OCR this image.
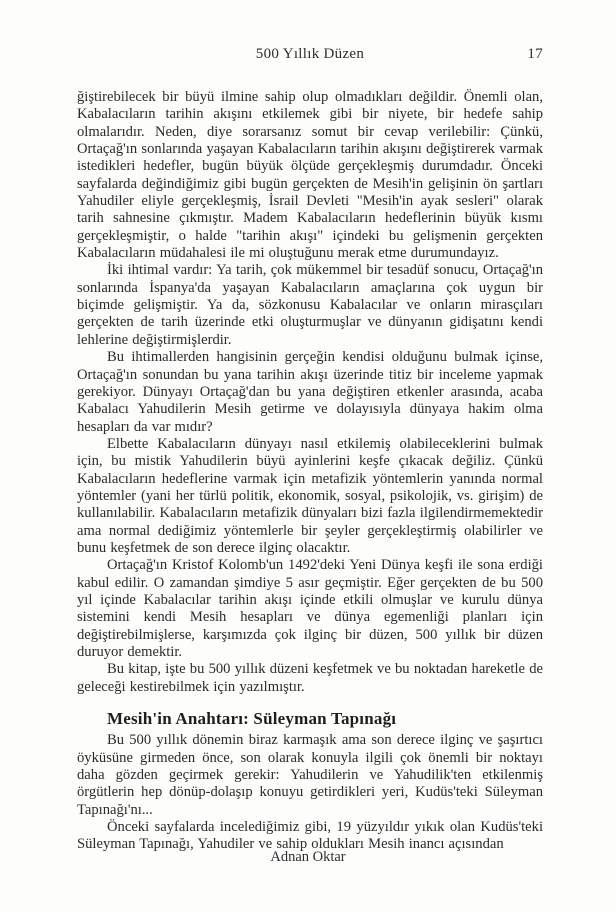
500 Yıllık Düzen	17

ğiştirebilecek bir büyü ilmine sahip olup olmadıkları değildir. Önemli olan, Kabalacıların tarihin akışını etkilemek gibi bir niyete, bir hedefe sahip olmalarıdır. Neden, diye sorarsanız somut bir cevap verilebilir: Çünkü, Ortaçağ'ın sonlarında yaşayan Kabalacıların tarihin akışını değiştirerek varmak istedikleri hedefler, bugün büyük ölçüde gerçekleşmiş durumdadır. Önceki sayfalarda değindiğimiz gibi bugün gerçekten de Mesih'in gelişinin ön şartları Yahudiler eliyle gerçekleşmiş, İsrail Devleti "Mesih'in ayak sesleri" olarak tarih sahnesine çıkmıştır. Madem Kabalacıların hedeflerinin büyük kısmı gerçekleşmiştir, o halde "tarihin akışı" içindeki bu gelişmenin gerçekten Kabalacıların müdahalesi ile mi oluştuğunu merak etme durumundayız.

İki ihtimal vardır: Ya tarih, çok mükemmel bir tesadüf sonucu, Ortaçağ'ın sonlarında İspanya'da yaşayan Kabalacıların amaçlarına çok uygun bir biçimde gelişmiştir. Ya da, sözkonusu Kabalacılar ve onların mirasçıları gerçekten de tarih üzerinde etki oluşturmuşlar ve dünyanın gidişatını kendi lehlerine değiştirmişlerdir.

Bu ihtimallerden hangisinin gerçeğin kendisi olduğunu bulmak içinse, Ortaçağ'ın sonundan bu yana tarihin akışı üzerinde titiz bir inceleme yapmak gerekiyor. Dünyayı Ortaçağ'dan bu yana değiştiren etkenler arasında, acaba Kabalacı Yahudilerin Mesih getirme ve dolayısıyla dünyaya hakim olma hesapları da var mıdır?

Elbette Kabalacıların dünyayı nasıl etkilemiş olabileceklerini bulmak için, bu mistik Yahudilerin büyü ayinlerini keşfe çıkacak değiliz. Çünkü Kabalacıların hedeflerine varmak için metafizik yöntemlerin yanında normal yöntemler (yani her türlü politik, ekonomik, sosyal, psikolojik, vs. girişim) de kullanılabilir. Kabalacıların metafizik dünyaları bizi fazla ilgilendirmemektedir ama normal dediğimiz yöntemlerle bir şeyler gerçekleştirmiş olabilirler ve bunu keşfetmek de son derece ilginç olacaktır.

Ortaçağ'ın Kristof Kolomb'un 1492'deki Yeni Dünya keşfi ile sona erdiği kabul edilir. O zamandan şimdiye 5 asır geçmiştir. Eğer gerçekten de bu 500 yıl içinde Kabalacılar tarihin akışı içinde etkili olmuşlar ve kurulu dünya sistemini kendi Mesih hesapları ve dünya egemenliği planları için değiştirebilmişlerse, karşımızda çok ilginç bir düzen, 500 yıllık bir düzen duruyor demektir.

Bu kitap, işte bu 500 yıllık düzeni keşfetmek ve bu noktadan hareketle de geleceği kestirebilmek için yazılmıştır.

Mesih'in Anahtarı: Süleyman Tapınağı

Bu 500 yıllık dönemin biraz karmaşık ama son derece ilginç ve şaşırtıcı öyküsüne girmeden önce, son olarak konuyla ilgili çok önemli bir noktayı daha gözden geçirmek gerekir: Yahudilerin ve Yahudilik'ten etkilenmiş örgütlerin hep dönüp-dolaşıp konuyu getirdikleri yeri, Kudüs'teki Süleyman Tapınağı'nı...

Önceki sayfalarda incelediğimiz gibi, 19 yüzyıldır yıkık olan Kudüs'teki Süleyman Tapınağı, Yahudiler ve sahip oldukları Mesih inancı açısından

Adnan Oktar
